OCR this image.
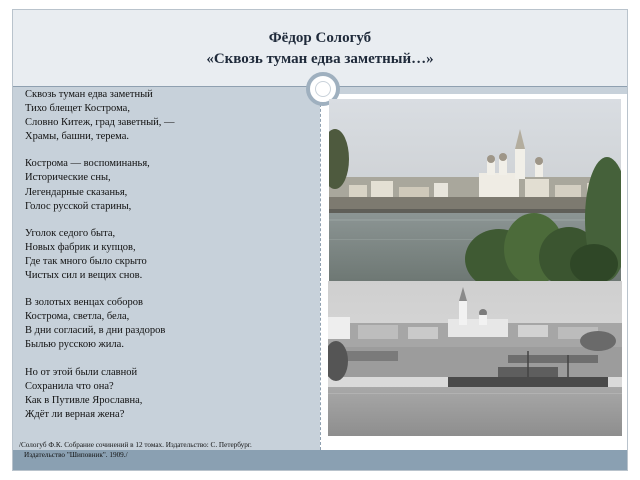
Фёдор Сологуб
«Сквозь туман едва заметный…»
Сквозь туман едва заметный
Тихо блещет Кострома,
Словно Китеж, град заветный, —
Храмы, башни, терема.
Кострома — воспоминанья,
Исторические сны,
Легендарные сказанья,
Голос русской старины,
Уголок седого быта,
Новых фабрик и купцов,
Где так много было скрыто
Чистых сил и вещих снов.
В золотых венцах соборов
Кострома, светла, бела,
В дни согласий, в дни раздоров
Былью русскою жила.
Но от этой были славной
Сохранила что она?
Как в Путивле Ярославна,
Ждёт ли верная жена?
/Сологуб Ф.К. Собрание сочинений в 12 томах. Издательство: С. Петербург.
Издательство "Шиповник". 1909./
